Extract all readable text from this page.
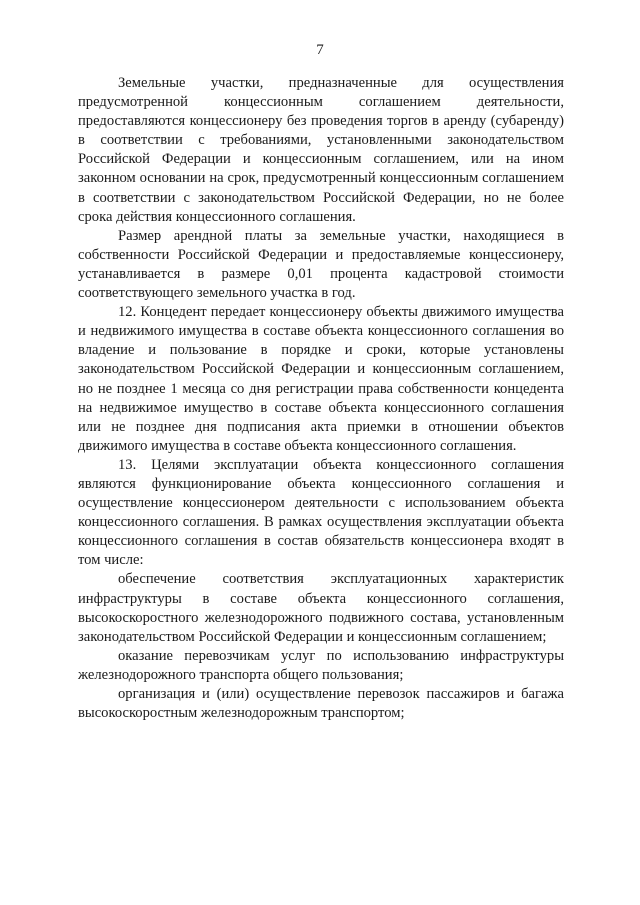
7

Земельные участки, предназначенные для осуществления предусмотренной концессионным соглашением деятельности, предоставляются концессионеру без проведения торгов в аренду (субаренду) в соответствии с требованиями, установленными законодательством Российской Федерации и концессионным соглашением, или на ином законном основании на срок, предусмотренный концессионным соглашением в соответствии с законодательством Российской Федерации, но не более срока действия концессионного соглашения.

Размер арендной платы за земельные участки, находящиеся в собственности Российской Федерации и предоставляемые концессионеру, устанавливается в размере 0,01 процента кадастровой стоимости соответствующего земельного участка в год.

12. Концедент передает концессионеру объекты движимого имущества и недвижимого имущества в составе объекта концессионного соглашения во владение и пользование в порядке и сроки, которые установлены законодательством Российской Федерации и концессионным соглашением, но не позднее 1 месяца со дня регистрации права собственности концедента на недвижимое имущество в составе объекта концессионного соглашения или не позднее дня подписания акта приемки в отношении объектов движимого имущества в составе объекта концессионного соглашения.

13. Целями эксплуатации объекта концессионного соглашения являются функционирование объекта концессионного соглашения и осуществление концессионером деятельности с использованием объекта концессионного соглашения. В рамках осуществления эксплуатации объекта концессионного соглашения в состав обязательств концессионера входят в том числе:

обеспечение соответствия эксплуатационных характеристик инфраструктуры в составе объекта концессионного соглашения, высокоскоростного железнодорожного подвижного состава, установленным законодательством Российской Федерации и концессионным соглашением;

оказание перевозчикам услуг по использованию инфраструктуры железнодорожного транспорта общего пользования;

организация и (или) осуществление перевозок пассажиров и багажа высокоскоростным железнодорожным транспортом;
